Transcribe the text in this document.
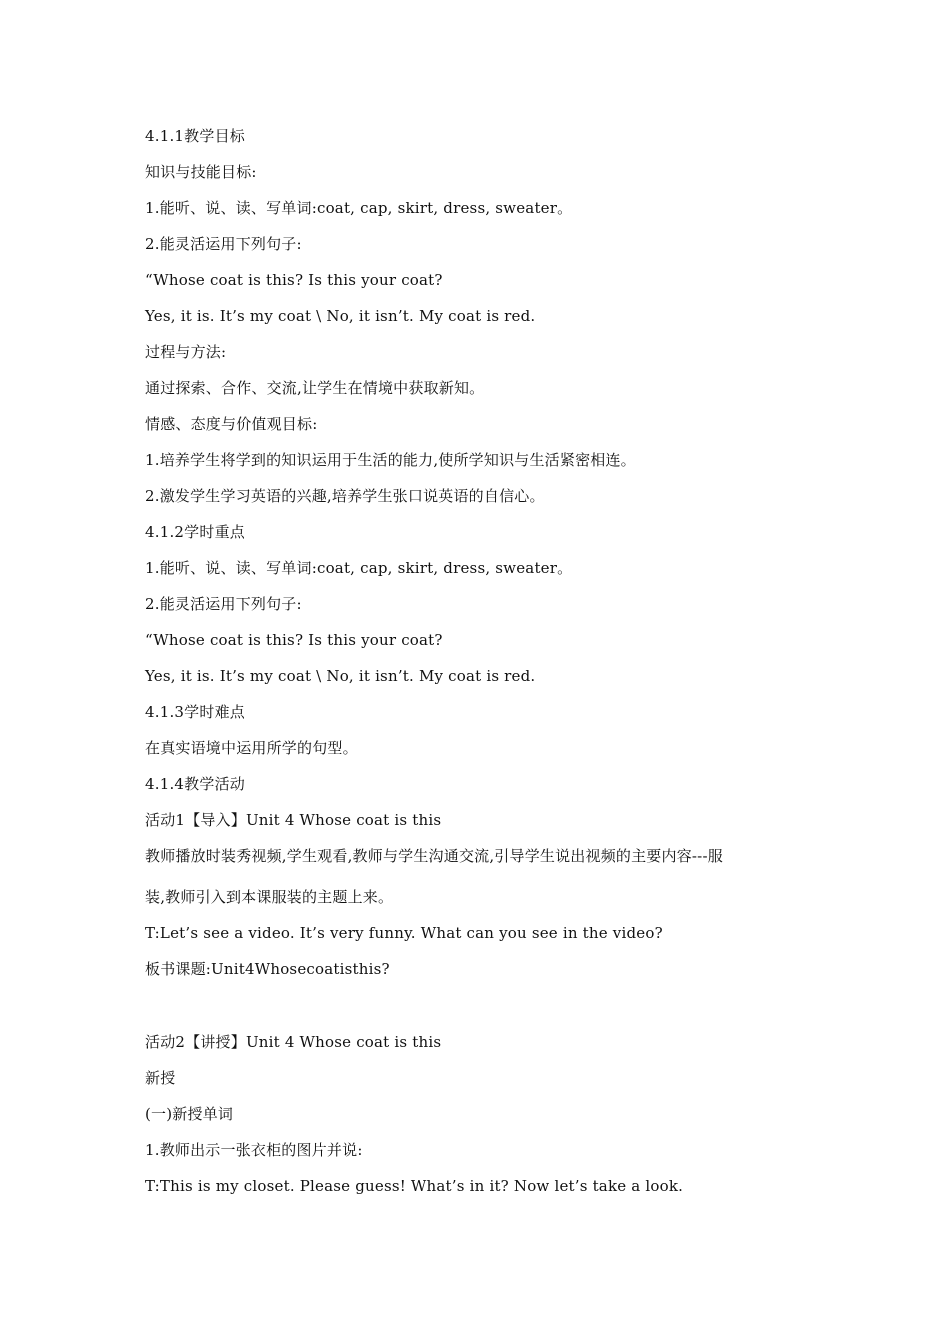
4.1.1教学目标
知识与技能目标:
1.能听、说、读、写单词:coat, cap, skirt, dress, sweater。
2.能灵活运用下列句子:
“Whose coat is this? Is this your coat?
Yes, it is. It’s my coat \ No, it isn’t. My coat is red.
过程与方法:
通过探索、合作、交流,让学生在情境中获取新知。
情感、态度与价值观目标:
1.培养学生将学到的知识运用于生活的能力,使所学知识与生活紧密相连。
2.激发学生学习英语的兴趣,培养学生张口说英语的自信心。
4.1.2学时重点
1.能听、说、读、写单词:coat, cap, skirt, dress, sweater。
2.能灵活运用下列句子:
“Whose coat is this? Is this your coat?
Yes, it is. It’s my coat \ No, it isn’t. My coat is red.
4.1.3学时难点
在真实语境中运用所学的句型。
4.1.4教学活动
活动1【导入】Unit 4 Whose coat is this
教师播放时装秀视频,学生观看,教师与学生沟通交流,引导学生说出视频的主要内容---服
装,教师引入到本课服装的主题上来。
T:Let’s see a video. It’s very funny. What can you see in the video?
板书课题:Unit4Whosecoatisthis?
活动2【讲授】Unit 4 Whose coat is this
新授
(一)新授单词
1.教师出示一张衣柜的图片并说:
T:This is my closet. Please guess! What’s in it? Now let’s take a look.
